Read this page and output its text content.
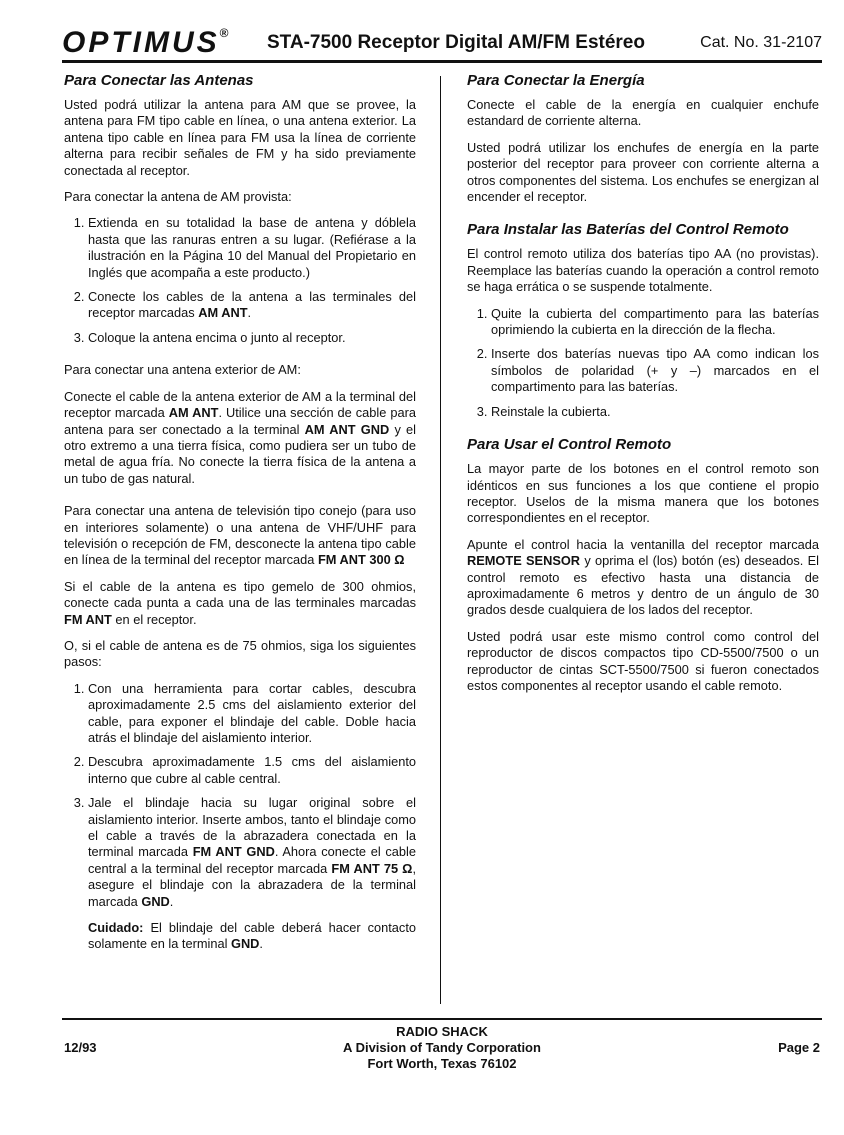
OPTIMUS® STA-7500 Receptor Digital AM/FM Estéreo	Cat. No. 31-2107
Para Conectar las Antenas

Usted podrá utilizar la antena para AM que se provee, la antena para FM tipo cable en línea, o una antena exterior. La antena tipo cable en línea para FM usa la línea de corriente alterna para recibir señales de FM y ha sido previamente conectada al receptor.

Para conectar la antena de AM provista:

1. Extienda en su totalidad la base de antena y dóblela hasta que las ranuras entren a su lugar. (Refiérase a la ilustración en la Página 10 del Manual del Propietario en Inglés que acompaña a este producto.)
2. Conecte los cables de la antena a las terminales del receptor marcadas AM ANT.
3. Coloque la antena encima o junto al receptor.

Para conectar una antena exterior de AM:

Conecte el cable de la antena exterior de AM a la terminal del receptor marcada AM ANT. Utilice una sección de cable para antena para ser conectado a la terminal AM ANT GND y el otro extremo a una tierra física, como pudiera ser un tubo de metal de agua fría. No conecte la tierra física de la antena a un tubo de gas natural.

Para conectar una antena de televisión tipo conejo (para uso en interiores solamente) o una antena de VHF/UHF para televisión o recepción de FM, desconecte la antena tipo cable en línea de la terminal del receptor marcada FM ANT 300 Ω

Si el cable de la antena es tipo gemelo de 300 ohmios, conecte cada punta a cada una de las terminales marcadas FM ANT en el receptor.

O, si el cable de antena es de 75 ohmios, siga los siguientes pasos:

1. Con una herramienta para cortar cables, descubra aproximadamente 2.5 cms del aislamiento exterior del cable, para exponer el blindaje del cable. Doble hacia atrás el blindaje del aislamiento interior.
2. Descubra aproximadamente 1.5 cms del aislamiento interno que cubre al cable central.
3. Jale el blindaje hacia su lugar original sobre el aislamiento interior. Inserte ambos, tanto el blindaje como el cable a través de la abrazadera conectada en la terminal marcada FM ANT GND. Ahora conecte el cable central a la terminal del receptor marcada FM ANT 75 Ω, asegure el blindaje con la abrazadera de la terminal marcada GND.

Cuidado: El blindaje del cable deberá hacer contacto solamente en la terminal GND.

Para Conectar la Energía

Conecte el cable de la energía en cualquier enchufe estandard de corriente alterna.

Usted podrá utilizar los enchufes de energía en la parte posterior del receptor para proveer con corriente alterna a otros componentes del sistema. Los enchufes se energizan al encender el receptor.

Para Instalar las Baterías del Control Remoto

El control remoto utiliza dos baterías tipo AA (no provistas). Reemplace las baterías cuando la operación a control remoto se haga errática o se suspende totalmente.

1. Quite la cubierta del compartimento para las baterías oprimiendo la cubierta en la dirección de la flecha.
2. Inserte dos baterías nuevas tipo AA como indican los símbolos de polaridad (+ y –) marcados en el compartimento para las baterías.
3. Reinstale la cubierta.
Para Usar el Control Remoto

La mayor parte de los botones en el control remoto son idénticos en sus funciones a los que contiene el propio receptor. Uselos de la misma manera que los botones correspondientes en el receptor.

Apunte el control hacia la ventanilla del receptor marcada REMOTE SENSOR y oprima el (los) botón (es) deseados. El control remoto es efectivo hasta una distancia de aproximadamente 6 metros y dentro de un ángulo de 30 grados desde cualquiera de los lados del receptor.

Usted podrá usar este mismo control como control del reproductor de discos compactos tipo CD-5500/7500 o un reproductor de cintas SCT-5500/7500 si fueron conectados estos componentes al receptor usando el cable remoto.

12/93
RADIO SHACK
A Division of Tandy Corporation
Fort Worth, Texas 76102
Page 2
